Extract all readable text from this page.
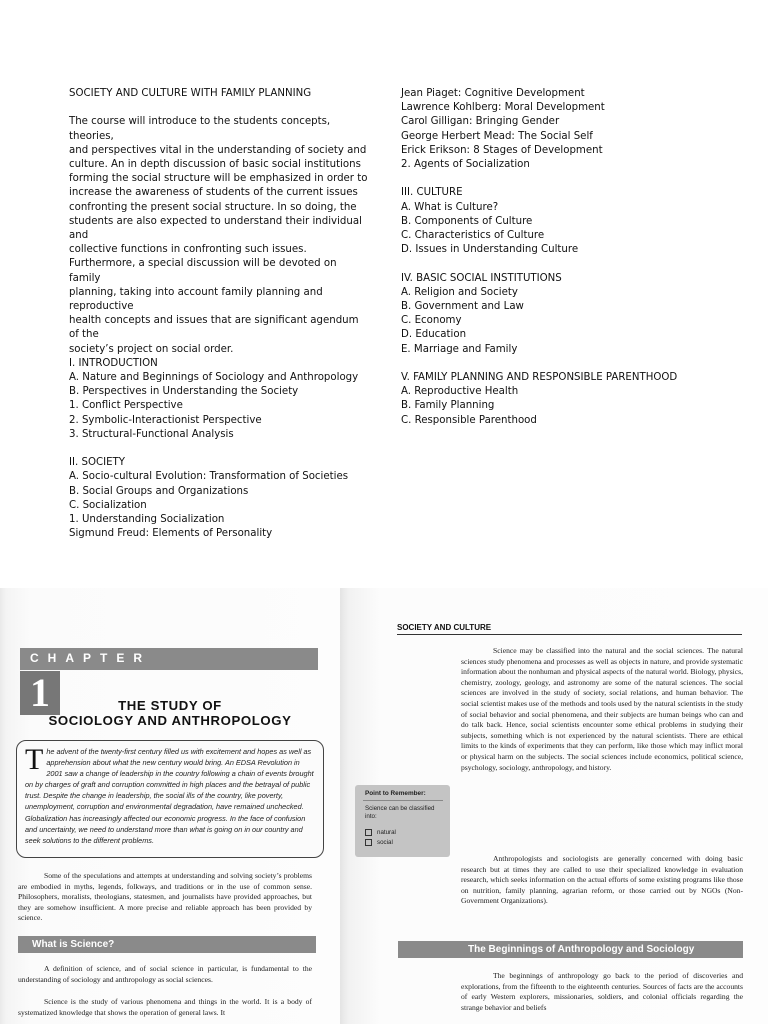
SOCIETY AND CULTURE WITH FAMILY PLANNING
The course will introduce to the students concepts, theories,
and perspectives vital in the understanding of society and
culture. An in depth discussion of basic social institutions
forming the social structure will be emphasized in order to
increase the awareness of students of the current issues
confronting the present social structure. In so doing, the
students are also expected to understand their individual and
collective functions in confronting such issues.
Furthermore, a special discussion will be devoted on family
planning, taking into account family planning and reproductive
health concepts and issues that are significant agendum of the
society’s project on social order.
I. INTRODUCTION
A. Nature and Beginnings of Sociology and Anthropology
B. Perspectives in Understanding the Society
1. Conflict Perspective
2. Symbolic-Interactionist Perspective
3. Structural-Functional Analysis
II. SOCIETY
A. Socio-cultural Evolution: Transformation of Societies
B. Social Groups and Organizations
C. Socialization
1. Understanding Socialization
Sigmund Freud: Elements of Personality
Jean Piaget: Cognitive Development
Lawrence Kohlberg: Moral Development
Carol Gilligan: Bringing Gender
George Herbert Mead: The Social Self
Erick Erikson: 8 Stages of Development
2. Agents of Socialization
III. CULTURE
A. What is Culture?
B. Components of Culture
C. Characteristics of Culture
D. Issues in Understanding Culture
IV. BASIC SOCIAL INSTITUTIONS
A. Religion and Society
B. Government and Law
C. Economy
D. Education
E. Marriage and Family
V. FAMILY PLANNING AND RESPONSIBLE PARENTHOOD
A. Reproductive Health
B. Family Planning
C. Responsible Parenthood
CHAPTER
1	THE STUDY OF
SOCIOLOGY AND ANTHROPOLOGY
The advent of the twenty-first century filled us with excitement and hopes as well as apprehension about what the new century would bring. An EDSA Revolution in 2001 saw a change of leadership in the country following a chain of events brought on by charges of graft and corruption committed in high places and the betrayal of public trust. Despite the change in leadership, the social ills of the country, like poverty, unemployment, corruption and environmental degradation, have remained unchecked. Globalization has increasingly affected our economic progress. In the face of confusion and uncertainty, we need to understand more than what is going on in our country and seek solutions to the different problems.
Some of the speculations and attempts at understanding and solving society’s problems are embodied in myths, legends, folkways, and traditions or in the use of common sense. Philosophers, moralists, theologians, statesmen, and journalists have provided approaches, but they are somehow insufficient. A more precise and reliable approach has been provided by science.
What is Science?
A definition of science, and of social science in particular, is fundamental to the understanding of sociology and anthropology as social sciences.
Science is the study of various phenomena and things in the world. It is a body of systematized knowledge that shows the operation of general laws. It
SOCIETY AND CULTURE
Science may be classified into the natural and the social sciences. The natural sciences study phenomena and processes as well as objects in nature, and provide systematic information about the nonhuman and physical aspects of the natural world. Biology, physics, chemistry, zoology, geology, and astronomy are some of the natural sciences. The social sciences are involved in the study of society, social relations, and human behavior. The social scientist makes use of the methods and tools used by the natural scientists in the study of social behavior and social phenomena, and their subjects are human beings who can and do talk back. Hence, social scientists encounter some ethical problems in studying their subjects, something which is not experienced by the natural scientists. There are ethical limits to the kinds of experiments that they can perform, like those which may inflict moral or physical harm on the subjects. The social sciences include economics, political science, psychology, sociology, anthropology, and history.
Point to Remember:
Science can be classified into:
natural
social
Anthropologists and sociologists are generally concerned with doing basic research but at times they are called to use their specialized knowledge in evaluation research, which seeks information on the actual efforts of some existing programs like those on nutrition, family planning, agrarian reform, or those carried out by NGOs (Non-Government Organizations).
The Beginnings of Anthropology and Sociology
The beginnings of anthropology go back to the period of discoveries and explorations, from the fifteenth to the eighteenth centuries. Sources of facts are the accounts of early Western explorers, missionaries, soldiers, and colonial officials regarding the strange behavior and beliefs
